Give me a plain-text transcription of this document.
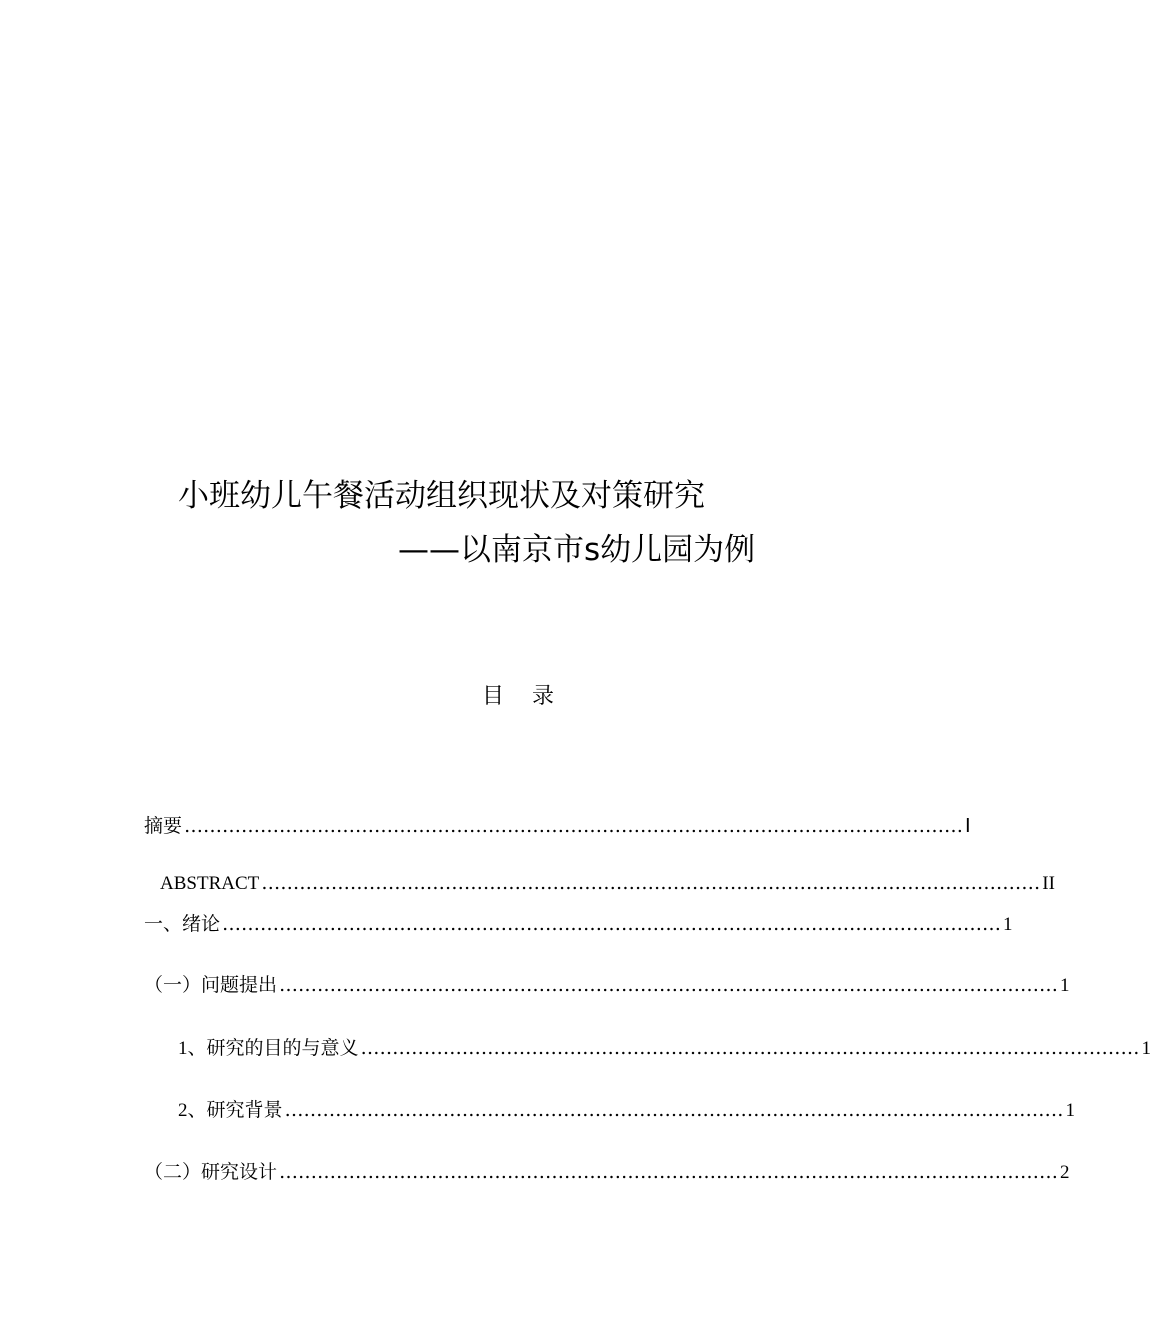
小班幼儿午餐活动组织现状及对策研究
——以南京市s幼儿园为例
目 录
摘要 …………………………………………………………………………………………………………… Ⅰ
ABSTRACT …………………………………………………………………………………………………………… II
一、绪论 …………………………………………………………………………………………………………… 1
（一）问题提出 …………………………………………………………………………………………………………… 1
1、研究的目的与意义 …………………………………………………………………………………………………………… 1
2、研究背景 …………………………………………………………………………………………………………… 1
（二）研究设计 …………………………………………………………………………………………………………… 2
